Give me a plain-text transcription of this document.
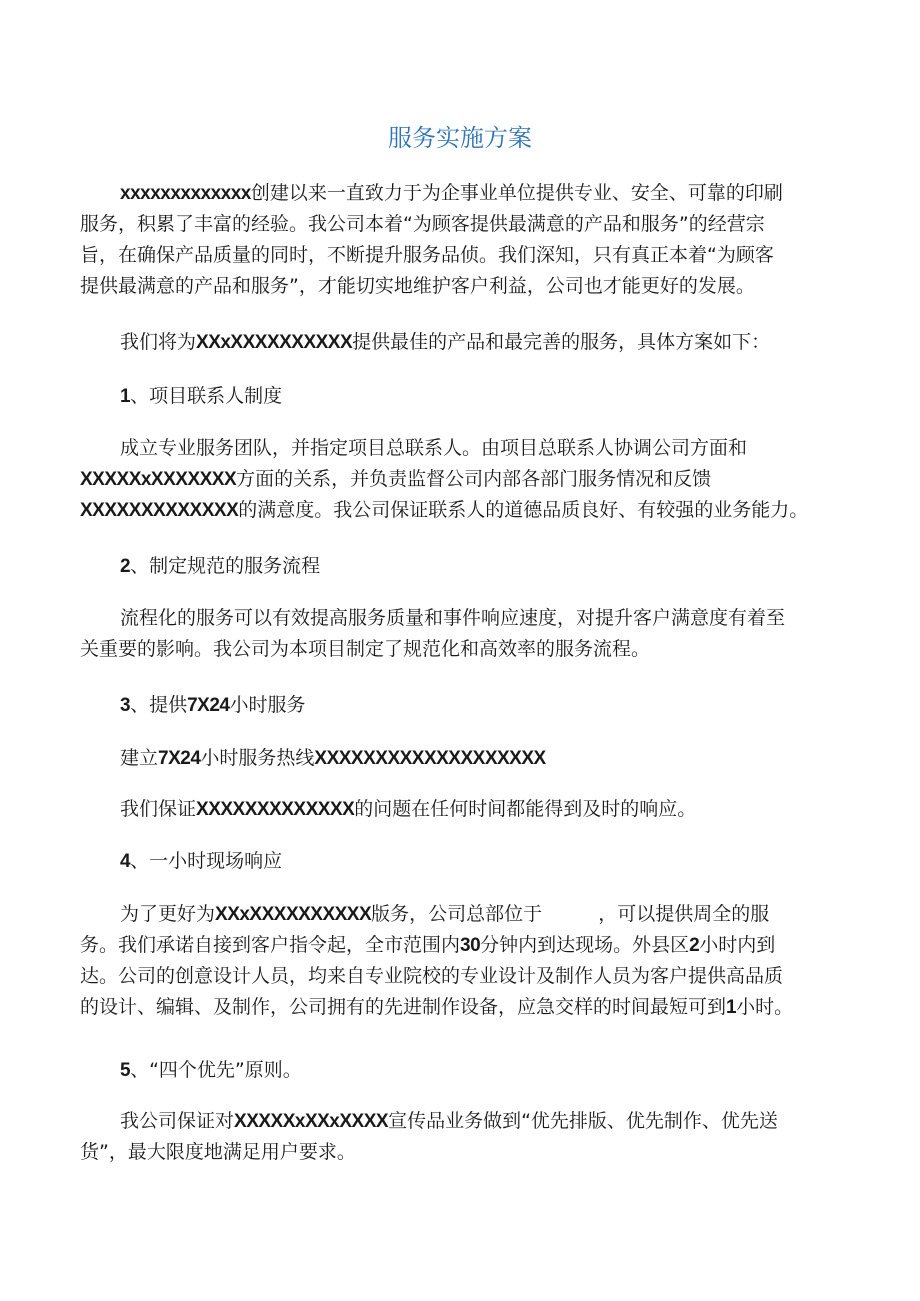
服务实施方案
xxxxxxxxxxxxx创建以来一直致力于为企事业单位提供专业、安全、可靠的印刷
服务，积累了丰富的经验。我公司本着“为顾客提供最满意的产品和服务”的经营宗
旨，在确保产品质量的同时，不断提升服务品侦。我们深知，只有真正本着“为顾客
提供最满意的产品和服务”，才能切实地维护客户利益，公司也才能更好的发展。
我们将为XXxXXXXXXXXXX提供最佳的产品和最完善的服务，具体方案如下：
1、项目联系人制度
成立专业服务团队，并指定项目总联系人。由项目总联系人协调公司方面和
XXXXXxXXXXXXX方面的关系，并负责监督公司内部各部门服务情况和反馈
XXXXXXXXXXXXX的满意度。我公司保证联系人的道德品质良好、有较强的业务能力。
2、制定规范的服务流程
流程化的服务可以有效提高服务质量和事件响应速度，对提升客户满意度有着至
关重要的影响。我公司为本项目制定了规范化和高效率的服务流程。
3、提供7X24小时服务
建立7X24小时服务热线XXXXXXXXXXXXXXXXXXX
我们保证XXXXXXXXXXXXX的问题在任何时间都能得到及时的响应。
4、一小时现场响应
为了更好为XXxXXXXXXXXXX版务，公司总部位于	，可以提供周全的服
务。我们承诺自接到客户指令起，全市范围内30分钟内到达现场。外县区2小时内到
达。公司的创意设计人员，均来自专业院校的专业设计及制作人员为客户提供高品质
的设计、编辑、及制作，公司拥有的先进制作设备，应急交样的时间最短可到1小时。
5、“四个优先”原则。
我公司保证对XXXXXxXXxXXXX宣传品业务做到“优先排版、优先制作、优先送
货”，最大限度地满足用户要求。
